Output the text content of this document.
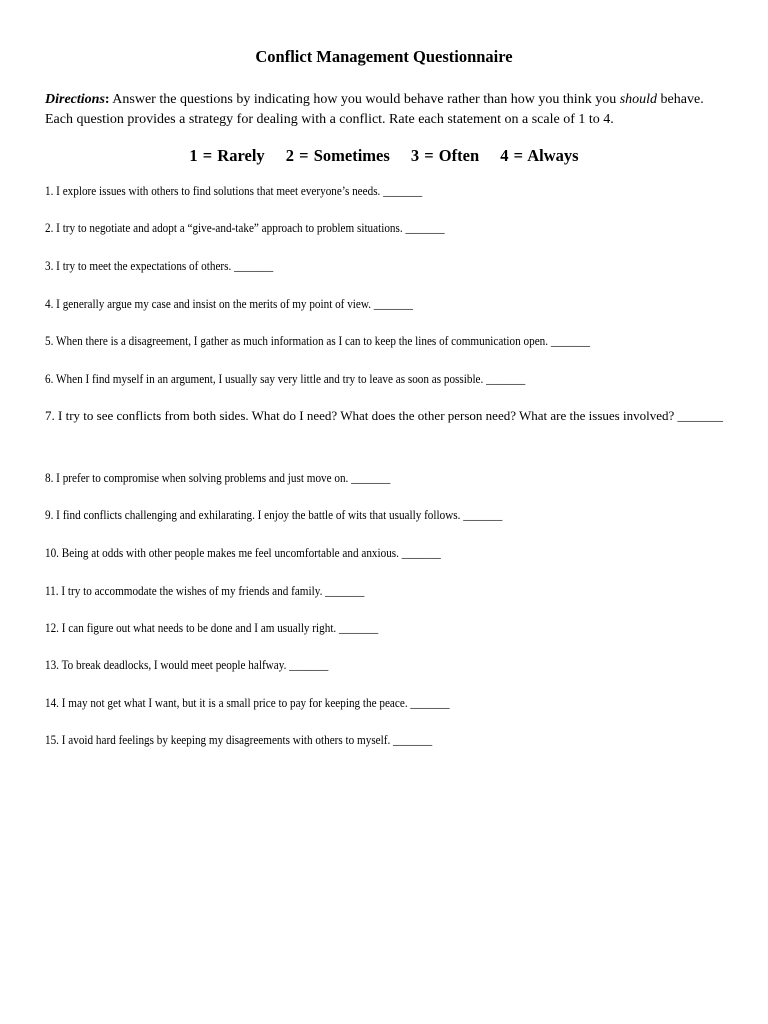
Conflict Management Questionnaire

Directions: Answer the questions by indicating how you would behave rather than how you think you should behave. Each question provides a strategy for dealing with a conflict. Rate each statement on a scale of 1 to 4.

1 = Rarely 2 = Sometimes 3 = Often 4 = Always
1. I explore issues with others to find solutions that meet everyone’s needs. _______
2. I try to negotiate and adopt a “give-and-take” approach to problem situations. _______
3. I try to meet the expectations of others. _______
4. I generally argue my case and insist on the merits of my point of view. _______
5. When there is a disagreement, I gather as much information as I can to keep the lines of communication open. _______
6. When I find myself in an argument, I usually say very little and try to leave as soon as possible. _______
7. I try to see conflicts from both sides. What do I need? What does the other person need? What are the issues involved? _______
8. I prefer to compromise when solving problems and just move on. _______
9. I find conflicts challenging and exhilarating. I enjoy the battle of wits that usually follows. _______
10. Being at odds with other people makes me feel uncomfortable and anxious. _______
11. I try to accommodate the wishes of my friends and family. _______
12. I can figure out what needs to be done and I am usually right. _______
13. To break deadlocks, I would meet people halfway. _______
14. I may not get what I want, but it is a small price to pay for keeping the peace. _______
15. I avoid hard feelings by keeping my disagreements with others to myself. _______
